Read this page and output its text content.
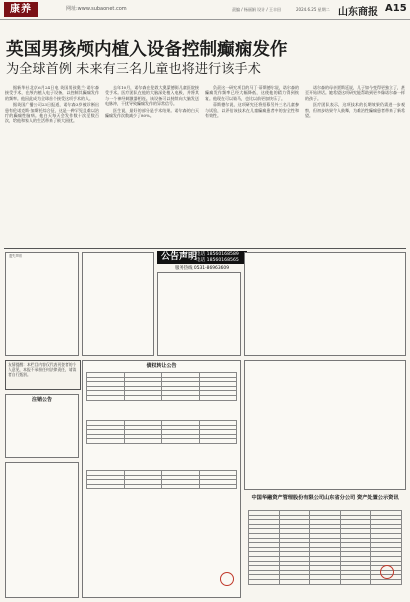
康养	网址:www.subaonet.com	责编 / 杨丽娟 设计 / 王丰田	2024.6.25 星期二 山东商报 A15
英国男孩颅内植入设备控制癫痫发作
为全球首例 未来有三名儿童也将进行该手术

据新华社北京6月24日电 英国男孩奥兰·诺尔森接受手术，在颅内植入电子设备，以控制其癫痫发作的频率。他因此成为全球首个接受这项手术的人。

据英国广播公司23日报道，诺尔森3岁被诊断出患有伦诺克斯-加斯托综合征，这是一种罕见且难以治疗的癫痫性脑病。他白天每天会发作数十次至数百次，给他和家人的生活带来了极大困扰。

去年10月，诺尔森在伦敦大奥蒙德街儿童医院接受手术。医疗团队在他的大脑深处植入电极，并将其与一个神经刺激器相连。该设备可以持续向大脑发送电脉冲，干扰导致癫痫发作的异常信号。

医生说，最好的部分是手术结果。诺尔森的白天癫痫发作次数减少了80%。

负责这一研究项目的马丁·蒂斯德尔说，诺尔森的癫痫发作频率已经大幅降低，这使他的精力得到恢复。他现在可以骑马，也比以前更加快乐了。

蒂斯德尔说，这项研究还将招募另外三名儿童参与试验，以评估该技术在儿童癫痫患者中的安全性和有效性。

诺尔森的母亲贾斯廷说，儿子如今变得更独立了，甚至开始讲话。她希望这项研究能帮助到更多像诺尔森一样的孩子。

医疗团队表示，这项技术的长期效果仍需进一步观察，但初步结果令人鼓舞，为难治性癫痫患者带来了新希望。

公告声明
电话 18560168589
电话 18560168565
服务热线 0531-86963609
遗失声明
友情提醒：本栏目内容仅代表刊登者的个人意见，本报不承担任何法律责任，请读者自行甄别。
注销公告
债权转让公告
中国华融资产管理股份有限公司山东省分公司 资产处置公示资讯
